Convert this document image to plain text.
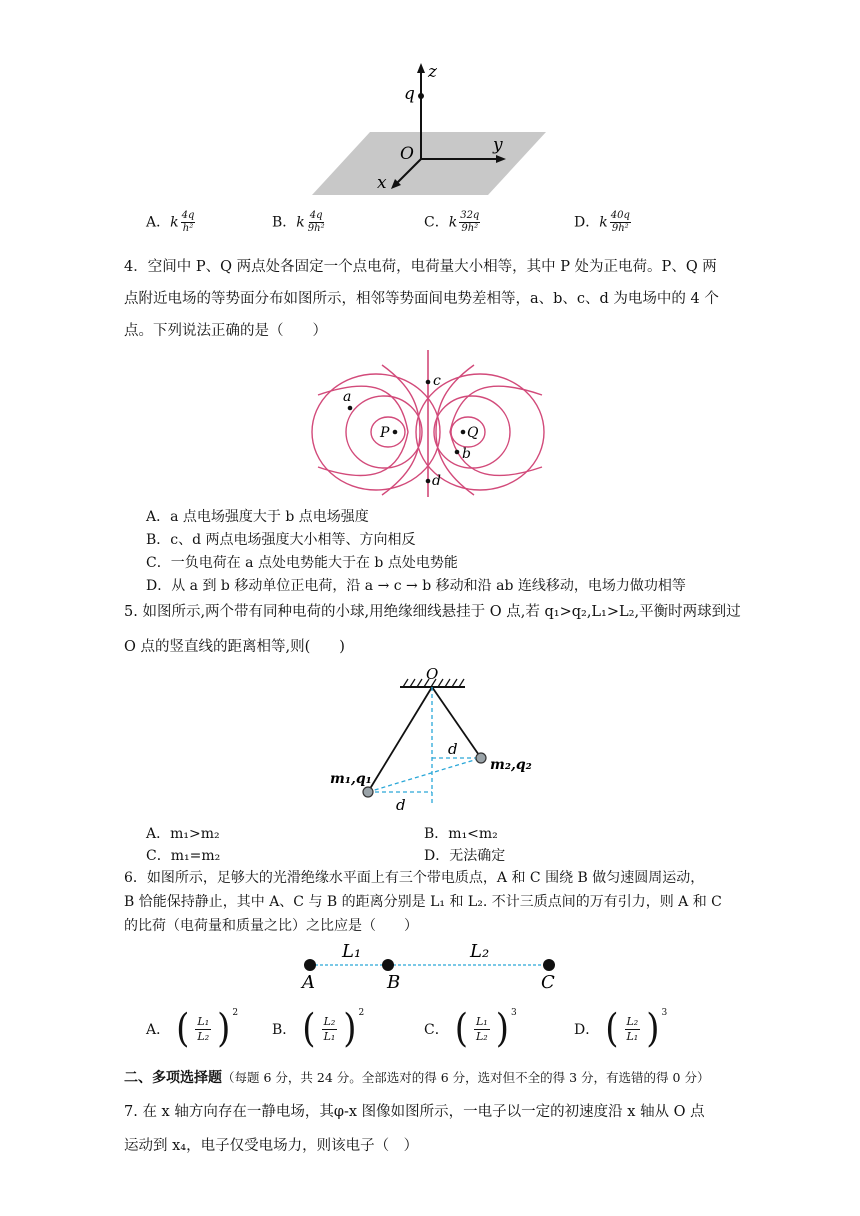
z
q
O	y
x
A．k $\frac{4q}{\text{h²}}$	B．k $\frac{4q}{\text{9h²}}$	C．k $\frac{32q}{\text{9h²}}$	D．k $\frac{40q}{\text{9h²}}$
4．空间中 P、Q 两点处各固定一个点电荷，电荷量大小相等，其中 P 处为正电荷。P、Q 两
点附近电场的等势面分布如图所示，相邻等势面间电势差相等，a、b、c、d 为电场中的 4 个
点。下列说法正确的是（　　）
a
c
P	Q
b
d
A．a 点电场强度大于 b 点电场强度
B．c、d 两点电场强度大小相等、方向相反
C．一负电荷在 a 点处电势能大于在 b 点处电势能
D．从 a 到 b 移动单位正电荷，沿 a → c → b 移动和沿 ab 连线移动，电场力做功相等
5. 如图所示,两个带有同种电荷的小球,用绝缘细线悬挂于 O 点,若 q₁>q₂,L₁>L₂,平衡时两球到过
O 点的竖直线的距离相等,则(　　)
O
d
d
m₁,q₁
m₂,q₂
A．m₁>m₂	B．m₁<m₂
C．m₁=m₂	D．无法确定
6．如图所示，足够大的光滑绝缘水平面上有三个带电质点，A 和 C 围绕 B 做匀速圆周运动，
B 恰能保持静止，其中 A、C 与 B 的距离分别是 L₁ 和 L₂. 不计三质点间的万有引力，则 A 和 C
的比荷（电荷量和质量之比）之比应是（　　）
L₁	L₂
A	B	C
A． ( L₁
L₂ ) 2
B． ( L₂
L₁ ) 2
C． ( L₁
L₂ ) 3
D． ( L₂
L₁ ) 3
二、多项选择题（每题 6 分，共 24 分。全部选对的得 6 分，选对但不全的得 3 分，有选错的得 0 分）
7. 在 x 轴方向存在一静电场，其φ-x 图像如图所示，一电子以一定的初速度沿 x 轴从 O 点
运动到 x₄，电子仅受电场力，则该电子（　）
